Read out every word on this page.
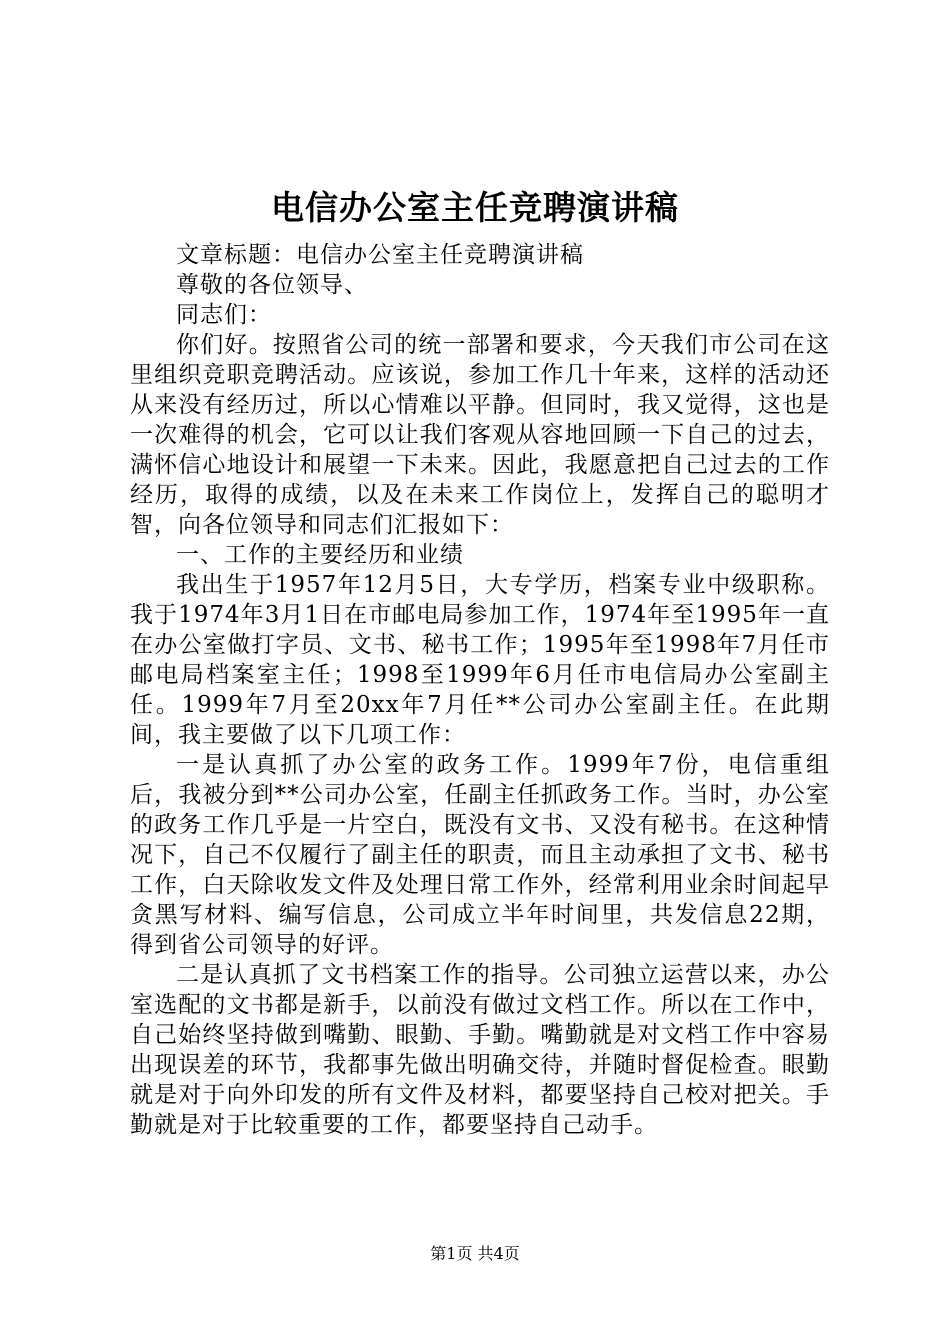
电信办公室主任竞聘演讲稿

文章标题：电信办公室主任竞聘演讲稿

尊敬的各位领导、

同志们：

你们好。按照省公司的统一部署和要求，今天我们市公司在这里组织竞职竞聘活动。应该说，参加工作几十年来，这样的活动还从来没有经历过，所以心情难以平静。但同时，我又觉得，这也是一次难得的机会，它可以让我们客观从容地回顾一下自己的过去，满怀信心地设计和展望一下未来。因此，我愿意把自己过去的工作经历，取得的成绩，以及在未来工作岗位上，发挥自己的聪明才智，向各位领导和同志们汇报如下：

一、工作的主要经历和业绩

我出生于1957年12月5日，大专学历，档案专业中级职称。我于1974年3月1日在市邮电局参加工作，1974年至1995年一直在办公室做打字员、文书、秘书工作；1995年至1998年7月任市邮电局档案室主任；1998至1999年6月任市电信局办公室副主任。1999年7月至20xx年7月任**公司办公室副主任。在此期间，我主要做了以下几项工作：

一是认真抓了办公室的政务工作。1999年7份，电信重组后，我被分到**公司办公室，任副主任抓政务工作。当时，办公室的政务工作几乎是一片空白，既没有文书、又没有秘书。在这种情况下，自己不仅履行了副主任的职责，而且主动承担了文书、秘书工作，白天除收发文件及处理日常工作外，经常利用业余时间起早贪黑写材料、编写信息，公司成立半年时间里，共发信息22期，得到省公司领导的好评。

二是认真抓了文书档案工作的指导。公司独立运营以来，办公室选配的文书都是新手，以前没有做过文档工作。所以在工作中，自己始终坚持做到嘴勤、眼勤、手勤。嘴勤就是对文档工作中容易出现误差的环节，我都事先做出明确交待，并随时督促检查。眼勤就是对于向外印发的所有文件及材料，都要坚持自己校对把关。手勤就是对于比较重要的工作，都要坚持自己动手。

第1页 共4页
